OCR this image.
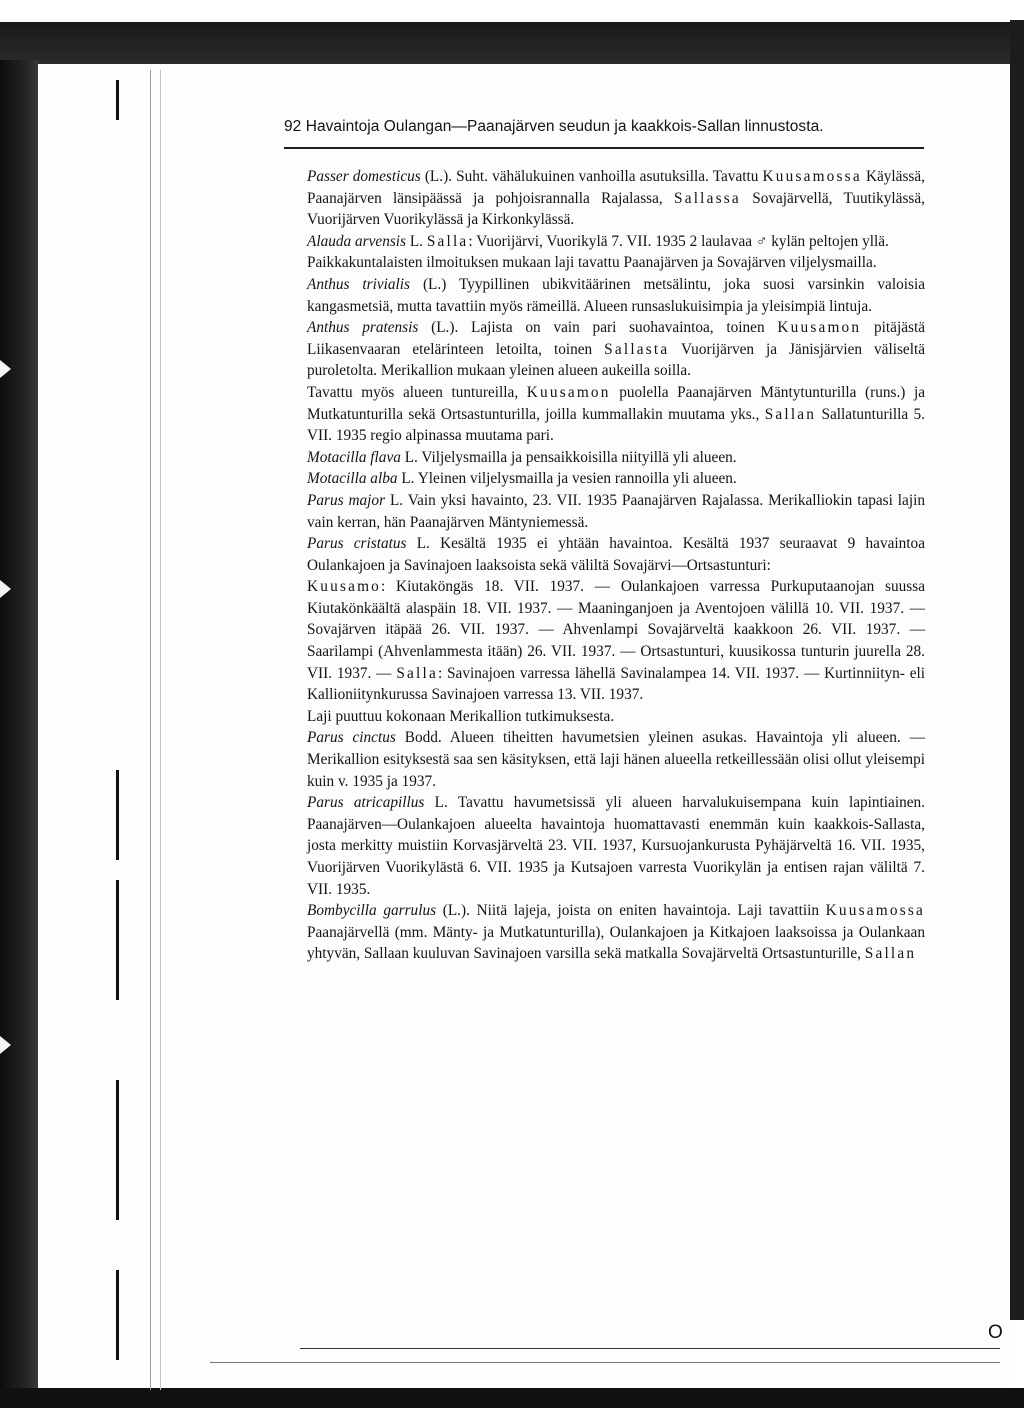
O
92 Havaintoja Oulangan—Paanajärven seudun ja kaakkois-Sallan linnustosta.

Passer domesticus (L.). Suht. vähälukuinen vanhoilla asutuksilla. Tavattu Kuusamossa Käylässä, Paanajärven länsipäässä ja pohjoisrannalla Rajalassa, Sallassa Sovajärvellä, Tuutikylässä, Vuorijärven Vuorikylässä ja Kirkonkylässä.

Alauda arvensis L. Salla: Vuorijärvi, Vuorikylä 7. VII. 1935 2 laulavaa ♂ kylän peltojen yllä.

Paikkakuntalaisten ilmoituksen mukaan laji tavattu Paanajärven ja Sovajärven viljelysmailla.

Anthus trivialis (L.) Tyypillinen ubikvitäärinen metsälintu, joka suosi varsinkin valoisia kangasmetsiä, mutta tavattiin myös rämeillä. Alueen runsaslukuisimpia ja yleisimpiä lintuja.

Anthus pratensis (L.). Lajista on vain pari suohavaintoa, toinen Kuusamon pitäjästä Liikasenvaaran etelärinteen letoilta, toinen Sallasta Vuorijärven ja Jänisjärvien väliseltä puroletolta. Merikallion mukaan yleinen alueen aukeilla soilla.

Tavattu myös alueen tuntureilla, Kuusamon puolella Paanajärven Mäntytunturilla (runs.) ja Mutkatunturilla sekä Ortsastunturilla, joilla kummallakin muutama yks., Sallan Sallatunturilla 5. VII. 1935 regio alpinassa muutama pari.

Motacilla flava L. Viljelysmailla ja pensaikkoisilla niityillä yli alueen.

Motacilla alba L. Yleinen viljelysmailla ja vesien rannoilla yli alueen.

Parus major L. Vain yksi havainto, 23. VII. 1935 Paanajärven Rajalassa. Merikalliokin tapasi lajin vain kerran, hän Paanajärven Mäntyniemessä.

Parus cristatus L. Kesältä 1935 ei yhtään havaintoa. Kesältä 1937 seuraavat 9 havaintoa Oulankajoen ja Savinajoen laaksoista sekä väliltä Sovajärvi—Ortsastunturi:

Kuusamo: Kiutaköngäs 18. VII. 1937. — Oulankajoen varressa Purkuputaanojan suussa Kiutakönkäältä alaspäin 18. VII. 1937. — Maaninganjoen ja Aventojoen välillä 10. VII. 1937. — Sovajärven itäpää 26. VII. 1937. — Ahvenlampi Sovajärveltä kaakkoon 26. VII. 1937. — Saarilampi (Ahvenlammesta itään) 26. VII. 1937. — Ortsastunturi, kuusikossa tunturin juurella 28. VII. 1937. — Salla: Savinajoen varressa lähellä Savinalampea 14. VII. 1937. — Kurtinniityn- eli Kallioniitynkurussa Savinajoen varressa 13. VII. 1937.

Laji puuttuu kokonaan Merikallion tutkimuksesta.

Parus cinctus Bodd. Alueen tiheitten havumetsien yleinen asukas. Havaintoja yli alueen. — Merikallion esityksestä saa sen käsityksen, että laji hänen alueella retkeillessään olisi ollut yleisempi kuin v. 1935 ja 1937.

Parus atricapillus L. Tavattu havumetsissä yli alueen harvalukuisempana kuin lapintiainen. Paanajärven—Oulankajoen alueelta havaintoja huomattavasti enemmän kuin kaakkois-Sallasta, josta merkitty muistiin Korvasjärveltä 23. VII. 1937, Kursuojankurusta Pyhäjärveltä 16. VII. 1935, Vuorijärven Vuorikylästä 6. VII. 1935 ja Kutsajoen varresta Vuorikylän ja entisen rajan väliltä 7. VII. 1935.

Bombycilla garrulus (L.). Niitä lajeja, joista on eniten havaintoja. Laji tavattiin Kuusamossa Paanajärvellä (mm. Mänty- ja Mutkatunturilla), Oulankajoen ja Kitkajoen laaksoissa ja Oulankaan yhtyvän, Sallaan kuuluvan Savinajoen varsilla sekä matkalla Sovajärveltä Ortsastunturille, Sallan
